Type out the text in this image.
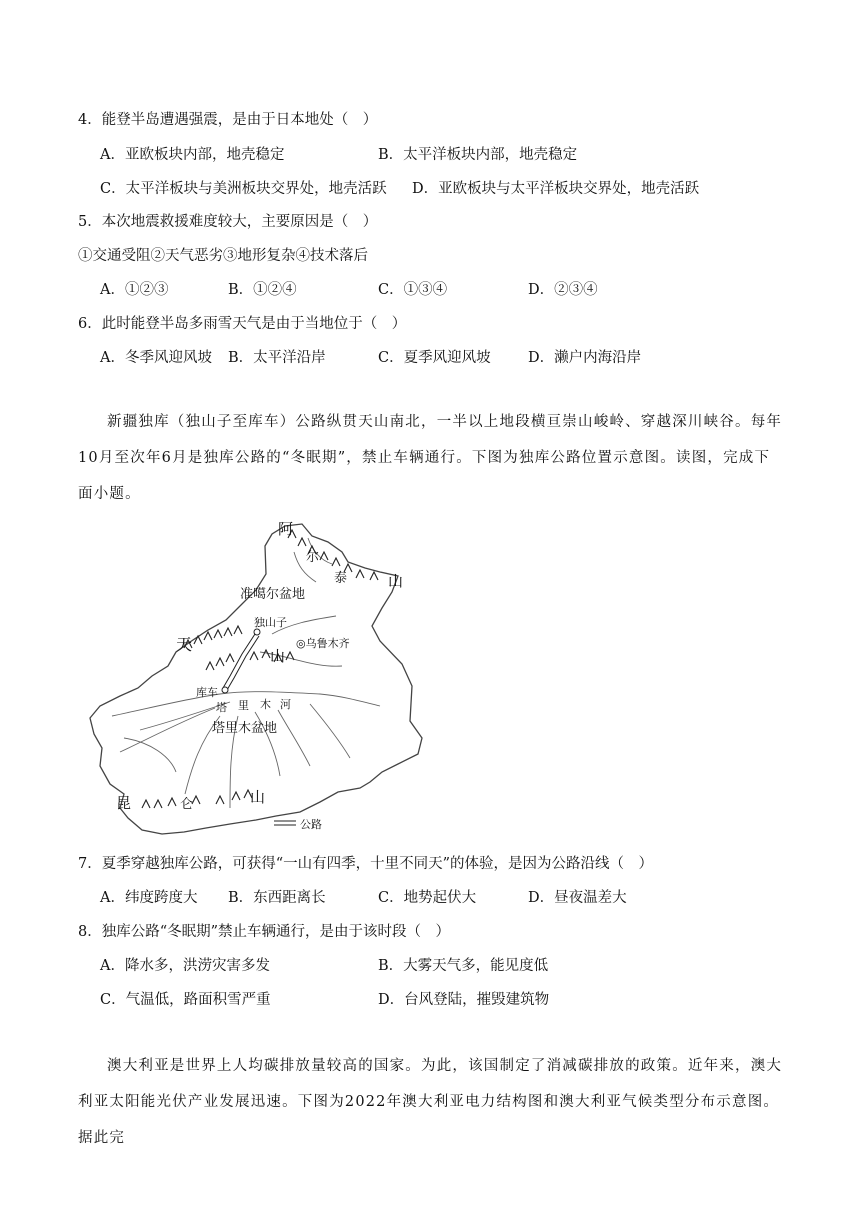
4．能登半岛遭遇强震，是由于日本地处（　）
A．亚欧板块内部，地壳稳定	B．太平洋板块内部，地壳稳定
C．太平洋板块与美洲板块交界处，地壳活跃 D．亚欧板块与太平洋板块交界处，地壳活跃
5．本次地震救援难度较大，主要原因是（　）
①交通受阻②天气恶劣③地形复杂④技术落后
A．①②③	B．①②④	C．①③④	D．②③④
6．此时能登半岛多雨雪天气是由于当地位于（　）
A．冬季风迎风坡 B．太平洋沿岸	C．夏季风迎风坡	D．濑户内海沿岸
新疆独库（独山子至库车）公路纵贯天山南北，一半以上地段横亘崇山峻岭、穿越深川峡谷。每年10月至次年6月是独库公路的“冬眠期”，禁止车辆通行。下图为独库公路位置示意图。读图，完成下面小题。
阿
尔
泰	山
准噶尔盆地
独山子
◎乌鲁木齐
天
山
库车
塔 里 木 河
塔里木盆地
昆	仑	山
公路
7．夏季穿越独库公路，可获得“一山有四季，十里不同天”的体验，是因为公路沿线（　）
A．纬度跨度大 B．东西距离长	C．地势起伏大	D．昼夜温差大
8．独库公路“冬眠期”禁止车辆通行，是由于该时段（　）
A．降水多，洪涝灾害多发	B．大雾天气多，能见度低
C．气温低，路面积雪严重	D．台风登陆，摧毁建筑物
澳大利亚是世界上人均碳排放量较高的国家。为此，该国制定了消减碳排放的政策。近年来，澳大利亚太阳能光伏产业发展迅速。下图为2022年澳大利亚电力结构图和澳大利亚气候类型分布示意图。据此完
